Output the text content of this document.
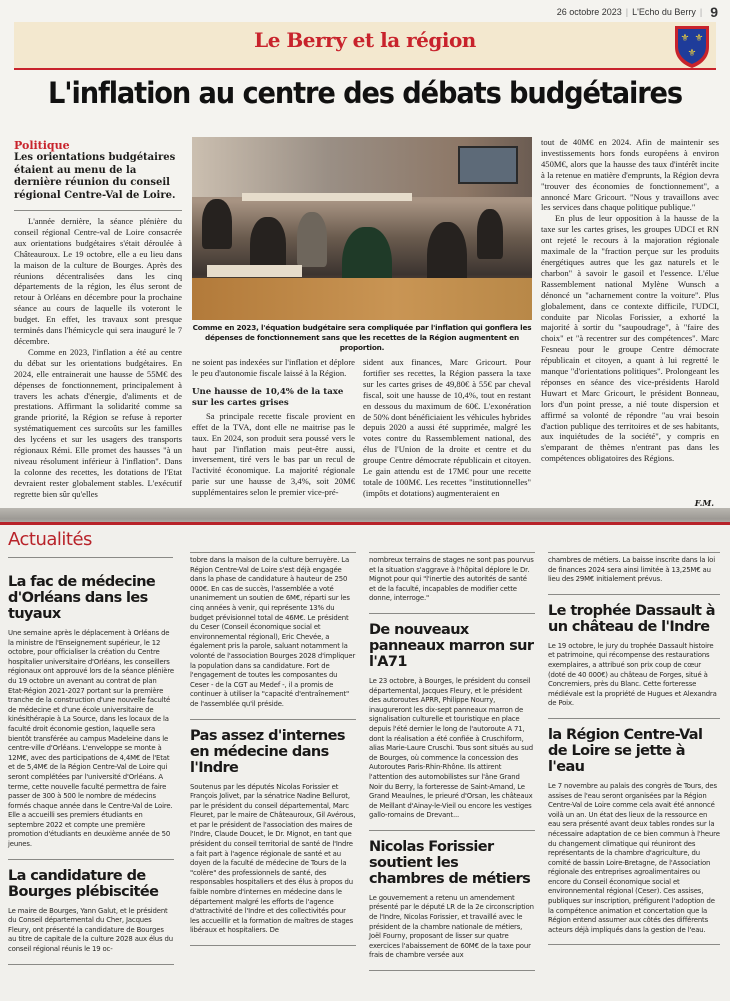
26 octobre 2023 | L'Echo du Berry | 9
Le Berry et la région	⚜ ⚜
⚜
L'inflation au centre des débats budgétaires
Politique
Les orientations budgétaires étaient au menu de la dernière réunion du conseil régional Centre-Val de Loire.

L'année dernière, la séance plénière du conseil régional Centre-val de Loire consacrée aux orientations budgétaires s'était déroulée à Châteauroux. Le 19 octobre, elle a eu lieu dans la maison de la culture de Bourges. Après des réunions décentralisées dans les cinq départements de la région, les élus seront de retour à Orléans en décembre pour la prochaine séance au cours de laquelle ils voteront le budget. En effet, les travaux sont presque terminés dans l'hémicycle qui sera inauguré le 7 décembre.

Comme en 2023, l'inflation a été au centre du débat sur les orientations budgétaires. En 2024, elle entrainerait une hausse de 55M€ des dépenses de fonctionnement, principalement à travers les achats d'énergie, d'aliments et de prestations. Affirmant la solidarité comme sa grande priorité, la Région se refuse à reporter systématiquement ces surcoûts sur les familles des lycéens et sur les usagers des transports régionaux Rémi. Elle promet des hausses "à un niveau résolument inférieur à l'inflation". Dans la colonne des recettes, les dotations de l'Etat devraient rester globalement stables. L'exécutif regrette bien sûr qu'elles

Comme en 2023, l'équation budgétaire sera compliquée par l'inflation qui gonflera les dépenses de fonctionnement sans que les recettes de la Région augmentent en proportion.

ne soient pas indexées sur l'inflation et déplore le peu d'autonomie fiscale laissé à la Région.

Une hausse de 10,4% de la taxe sur les cartes grises

Sa principale recette fiscale provient en effet de la TVA, dont elle ne maitrise pas le taux. En 2024, son produit sera poussé vers le haut par l'inflation mais peut-être aussi, inversement, tiré vers le bas par un recul de l'activité économique. La majorité régionale parie sur une hausse de 3,4%, soit 20M€ supplémentaires selon le premier vice-pré-

sident aux finances, Marc Gricourt. Pour fortifier ses recettes, la Région passera la taxe sur les cartes grises de 49,80€ à 55€ par cheval fiscal, soit une hausse de 10,4%, tout en restant en dessous du maximum de 60€. L'exonération de 50% dont bénéficiaient les véhicules hybrides depuis 2020 a aussi été supprimée, malgré les votes contre du Rassemblement national, des élus de l'Union de la droite et centre et du groupe Centre démocrate républicain et citoyen. Le gain attendu est de 17M€ pour une recette totale de 100M€. Les recettes "institutionnelles" (impôts et dotations) augmenteraient en

tout de 40M€ en 2024. Afin de maintenir ses investissements hors fonds européens à environ 450M€, alors que la hausse des taux d'intérêt incite à la retenue en matière d'emprunts, la Région devra "trouver des économies de fonctionnement", a annoncé Marc Gricourt. "Nous y travaillons avec les services dans chaque politique publique."

En plus de leur opposition à la hausse de la taxe sur les cartes grises, les groupes UDCI et RN ont rejeté le recours à la majoration régionale maximale de la "fraction perçue sur les produits énergétiques autres que les gaz naturels et le charbon" à savoir le gasoil et l'essence. L'élue Rassemblement national Mylène Wunsch a dénoncé un "acharnement contre la voiture". Plus globalement, dans ce contexte difficile, l'UDCI, conduite par Nicolas Forissier, a exhorté la majorité à sortir du "saupoudrage", à "faire des choix" et "à recentrer sur des compétences". Marc Fesneau pour le groupe Centre démocrate républicain et citoyen, a quant à lui regretté le manque "d'orientations politiques". Prolongeant les réponses en séance des vice-présidents Harold Huwart et Marc Gricourt, le président Bonneau, lors d'un point presse, a nié toute dispersion et affirmé sa volonté de répondre "au vrai besoin d'action publique des territoires et de ses habitants, aux inquiétudes de la société", y compris en s'emparant de thèmes n'entrant pas dans les compétences obligatoires des Régions.

F.M.
Actualités
La fac de médecine d'Orléans dans les tuyaux
Une semaine après le déplacement à Orléans de la ministre de l'Enseignement supérieur, le 12 octobre, pour officialiser la création du Centre hospitalier universitaire d'Orléans, les conseillers régionaux ont approuvé lors de la séance plénière du 19 octobre un avenant au contrat de plan Etat-Région 2021-2027 portant sur la première tranche de la construction d'une nouvelle faculté de médecine et d'une école universitaire de kinésithérapie à La Source, dans les locaux de la faculté droit économie gestion, laquelle sera bientôt transférée au campus Madeleine dans le centre-ville d'Orléans. L'enveloppe se monte à 12M€, avec des participations de 4,4M€ de l'Etat et de 5,4M€ de la Région Centre-Val de Loire qui seront complétées par l'université d'Orléans. A terme, cette nouvelle faculté permettra de faire passer de 300 à 500 le nombre de médecins formés chaque année dans le Centre-Val de Loire. Elle a accueilli ses premiers étudiants en septembre 2022 et compte une première promotion d'étudiants en deuxième année de 50 jeunes.
La candidature de Bourges plébiscitée
Le maire de Bourges, Yann Galut, et le président du Conseil départemental du Cher, Jacques Fleury, ont présenté la candidature de Bourges au titre de capitale de la culture 2028 aux élus du conseil régional réunis le 19 oc-
tobre dans la maison de la culture berruyère. La Région Centre-Val de Loire s'est déjà engagée dans la phase de candidature à hauteur de 250 000€. En cas de succès, l'assemblée a voté unanimement un soutien de 6M€, réparti sur les cinq années à venir, qui représente 13% du budget prévisionnel total de 46M€. Le président du Ceser (Conseil économique social et environnemental régional), Eric Chevée, a également pris la parole, saluant notamment la volonté de l'association Bourges 2028 d'impliquer la population dans sa candidature. Fort de l'engagement de toutes les composantes du Ceser - de la CGT au Medef -, il a promis de continuer à utiliser la "capacité d'entraînement" de l'assemblée qu'il préside.
Pas assez d'internes en médecine dans l'Indre
Soutenus par les députés Nicolas Forissier et François Jolivet, par la sénatrice Nadine Bellurot, par le président du conseil départemental, Marc Fleuret, par le maire de Châteauroux, Gil Avérous, et par le président de l'association des maires de l'Indre, Claude Doucet, le Dr. Mignot, en tant que président du conseil territorial de santé de l'Indre a fait part à l'agence régionale de santé et au doyen de la faculté de médecine de Tours de la "colère" des professionnels de santé, des responsables hospitaliers et des élus à propos du faible nombre d'internes en médecine dans le département malgré les efforts de l'agence d'attractivité de l'Indre et des collectivités pour les accueillir et la formation de maîtres de stages libéraux et hospitaliers. De
nombreux terrains de stages ne sont pas pourvus et la situation s'aggrave à l'hôpital déplore le Dr. Mignot pour qui "l'inertie des autorités de santé et de la faculté, incapables de modifier cette donne, interroge."
De nouveaux panneaux marron sur l'A71
Le 23 octobre, à Bourges, le président du conseil départemental, Jacques Fleury, et le président des autoroutes APRR, Philippe Nourry, inaugureront les dix-sept panneaux marron de signalisation culturelle et touristique en place depuis l'été dernier le long de l'autoroute A 71, dont la réalisation a été confiée à Cruschiform, alias Marie-Laure Cruschi. Tous sont situés au sud de Bourges, où commence la concession des Autoroutes Paris-Rhin-Rhône. Ils attirent l'attention des automobilistes sur l'âne Grand Noir du Berry, la forteresse de Saint-Amand, Le Grand Meaulnes, le prieuré d'Orsan, les châteaux de Meillant d'Ainay-le-Vieil ou encore les vestiges gallo-romains de Drevant...
Nicolas Forissier soutient les chambres de métiers
Le gouvernement a retenu un amendement présenté par le député LR de la 2e circonscription de l'Indre, Nicolas Forissier, et travaillé avec le président de la chambre nationale de métiers, Joël Fourny, proposant de lisser sur quatre exercices l'abaissement de 60M€ de la taxe pour frais de chambre versée aux
chambres de métiers. La baisse inscrite dans la loi de finances 2024 sera ainsi limitée à 13,25M€ au lieu des 29M€ initialement prévus.
Le trophée Dassault à un château de l'Indre
Le 19 octobre, le jury du trophée Dassault histoire et patrimoine, qui récompense des restaurations exemplaires, a attribué son prix coup de cœur (doté de 40 000€) au château de Forges, situé à Concremiers, près du Blanc. Cette forteresse médiévale est la propriété de Hugues et Alexandra de Poix.
la Région Centre-Val de Loire se jette à l'eau
Le 7 novembre au palais des congrès de Tours, des assises de l'eau seront organisées par la Région Centre-Val de Loire comme cela avait été annoncé voilà un an. Un état des lieux de la ressource en eau sera présenté avant deux tables rondes sur la nécessaire adaptation de ce bien commun à l'heure du changement climatique qui réuniront des représentants de la chambre d'agriculture, du comité de bassin Loire-Bretagne, de l'Association régionale des entreprises agroalimentaires ou encore du Conseil économique social et environnemental régional (Ceser). Ces assises, publiques sur inscription, préfigurent l'adoption de la compétence animation et concertation que la Région entend assumer aux côtés des différents acteurs déjà impliqués dans la gestion de l'eau.
